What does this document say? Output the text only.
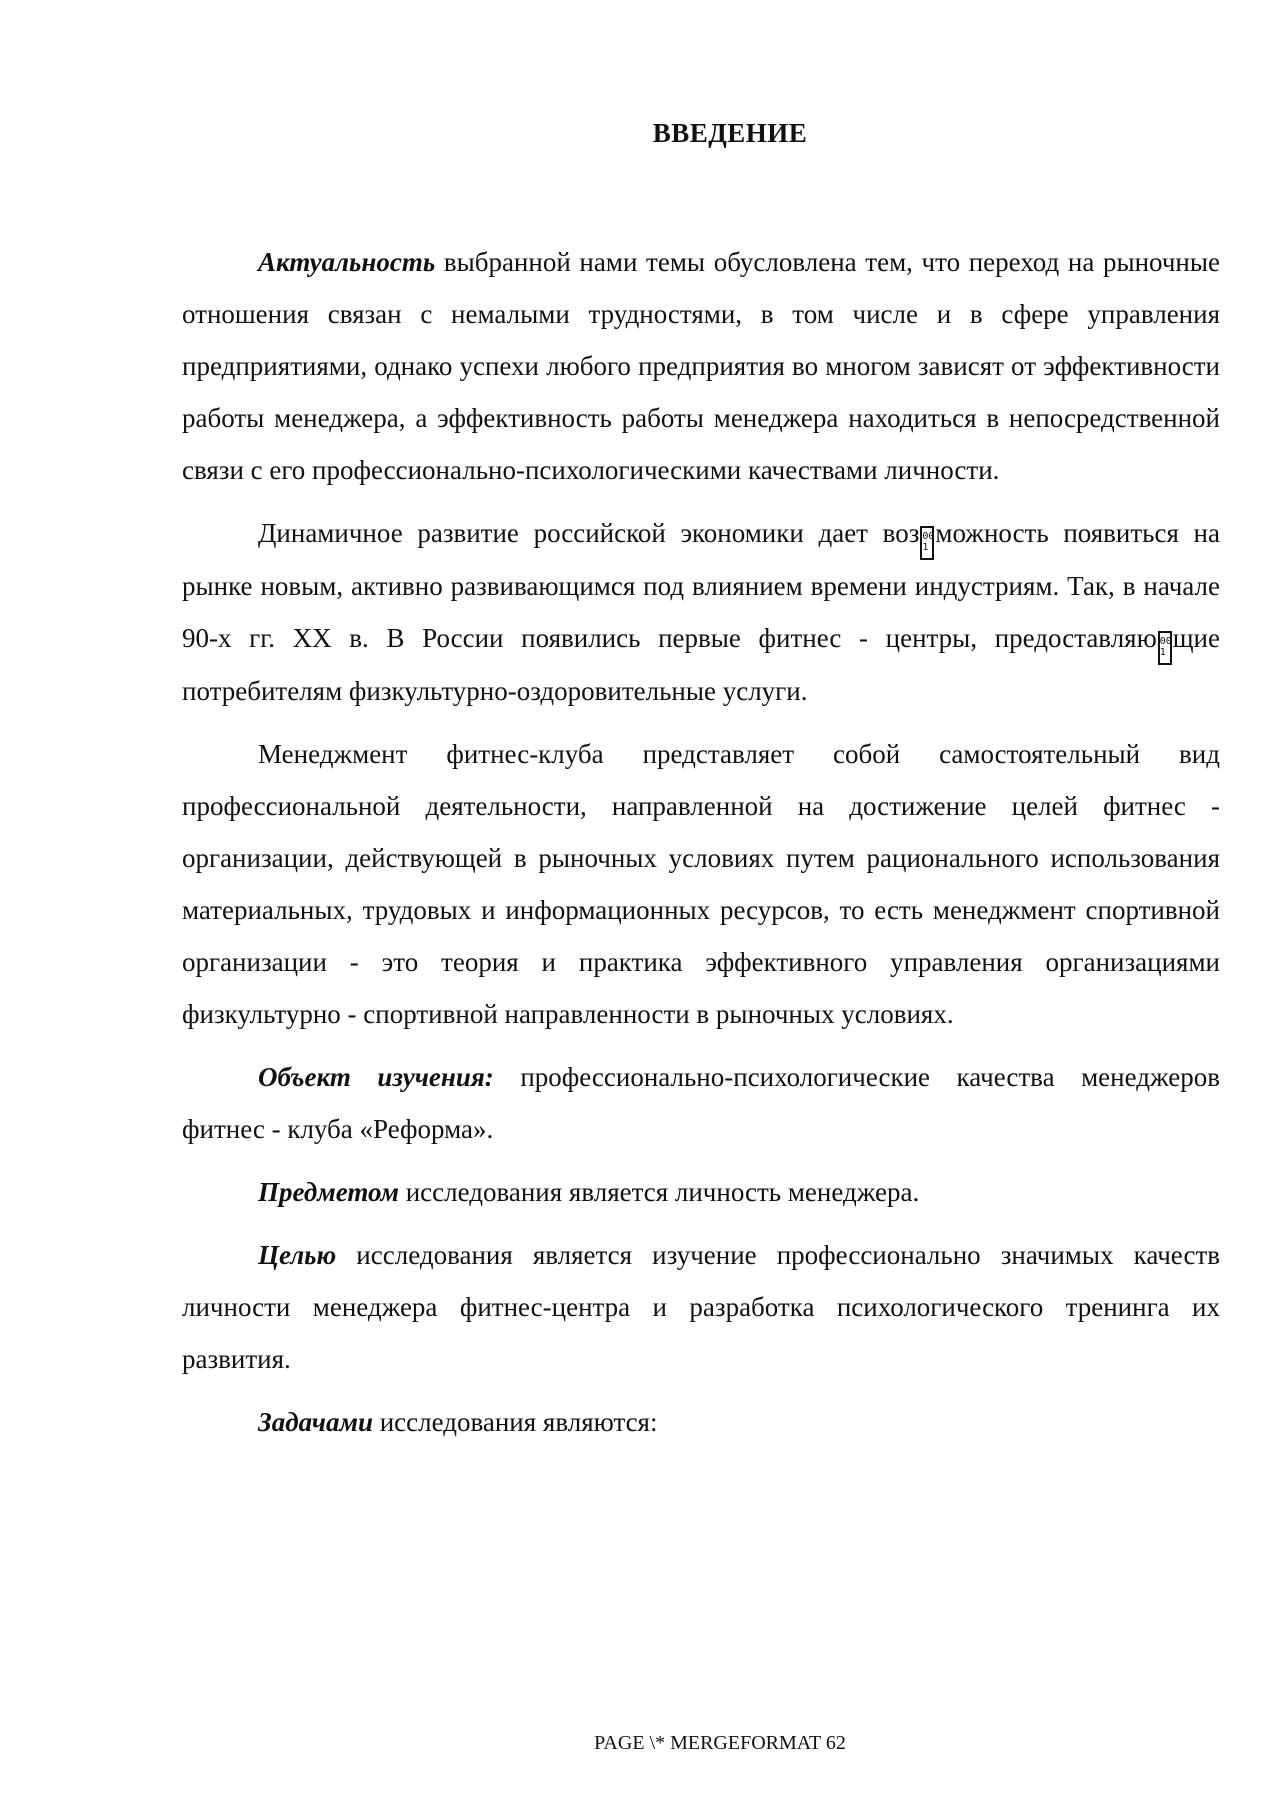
ВВЕДЕНИЕ

Актуальность выбранной нами темы обусловлена тем, что переход на рыночные отношения связан с немалыми трудностями, в том числе и в сфере управления предприятиями, однако успехи любого предприятия во многом зависят от эффективности работы менеджера, а эффективность работы менеджера находиться в непосредственной связи с его профессионально-психологическими качествами личности.

Динамичное развитие российской экономики дает воз 00
1 можность появиться на рынке новым, активно развивающимся под влиянием времени индустриям. Так, в начале 90-х гг. XX в. В России появились первые фитнес - центры, предоставляю 00
1 щие потребителям физкультурно-оздоровительные услуги.

Менеджмент фитнес-клуба представляет собой самостоятельный вид профессиональной деятельности, направленной на достижение целей фитнес - организации, действующей в рыночных условиях путем рационального использования материальных, трудовых и информационных ресурсов, то есть менеджмент спортивной организации - это теория и практика эффективного управления организациями физкультурно - спортивной направленности в рыночных условиях.

Объект изучения: профессионально-психологические качества менеджеров фитнес - клуба «Реформа».

Предметом исследования является личность менеджера.

Целью исследования является изучение профессионально значимых качеств личности менеджера фитнес-центра и разработка психологического тренинга их развития.

Задачами исследования являются:

PAGE \* MERGEFORMAT 62
